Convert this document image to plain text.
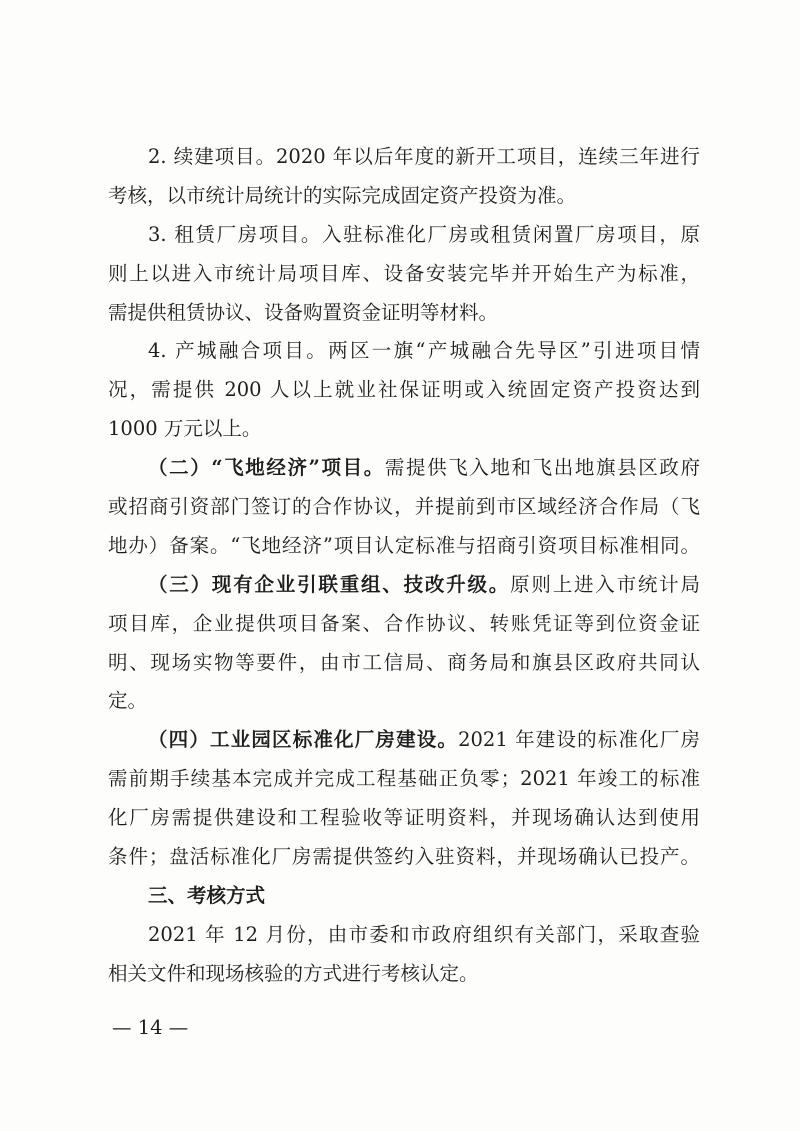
2. 续建项目。2020 年以后年度的新开工项目，连续三年进行
考核，以市统计局统计的实际完成固定资产投资为准。
3. 租赁厂房项目。入驻标准化厂房或租赁闲置厂房项目，原
则上以进入市统计局项目库、设备安装完毕并开始生产为标准，
需提供租赁协议、设备购置资金证明等材料。
4. 产城融合项目。两区一旗“产城融合先导区”引进项目情
况，需提供 200 人以上就业社保证明或入统固定资产投资达到
1000 万元以上。
（二）“飞地经济”项目。需提供飞入地和飞出地旗县区政府
或招商引资部门签订的合作协议，并提前到市区域经济合作局（飞
地办）备案。“飞地经济”项目认定标准与招商引资项目标准相同。
（三）现有企业引联重组、技改升级。原则上进入市统计局
项目库，企业提供项目备案、合作协议、转账凭证等到位资金证
明、现场实物等要件，由市工信局、商务局和旗县区政府共同认
定。
（四）工业园区标准化厂房建设。2021 年建设的标准化厂房
需前期手续基本完成并完成工程基础正负零；2021 年竣工的标准
化厂房需提供建设和工程验收等证明资料，并现场确认达到使用
条件；盘活标准化厂房需提供签约入驻资料，并现场确认已投产。
三、考核方式
2021 年 12 月份，由市委和市政府组织有关部门，采取查验
相关文件和现场核验的方式进行考核认定。
— 14 —
